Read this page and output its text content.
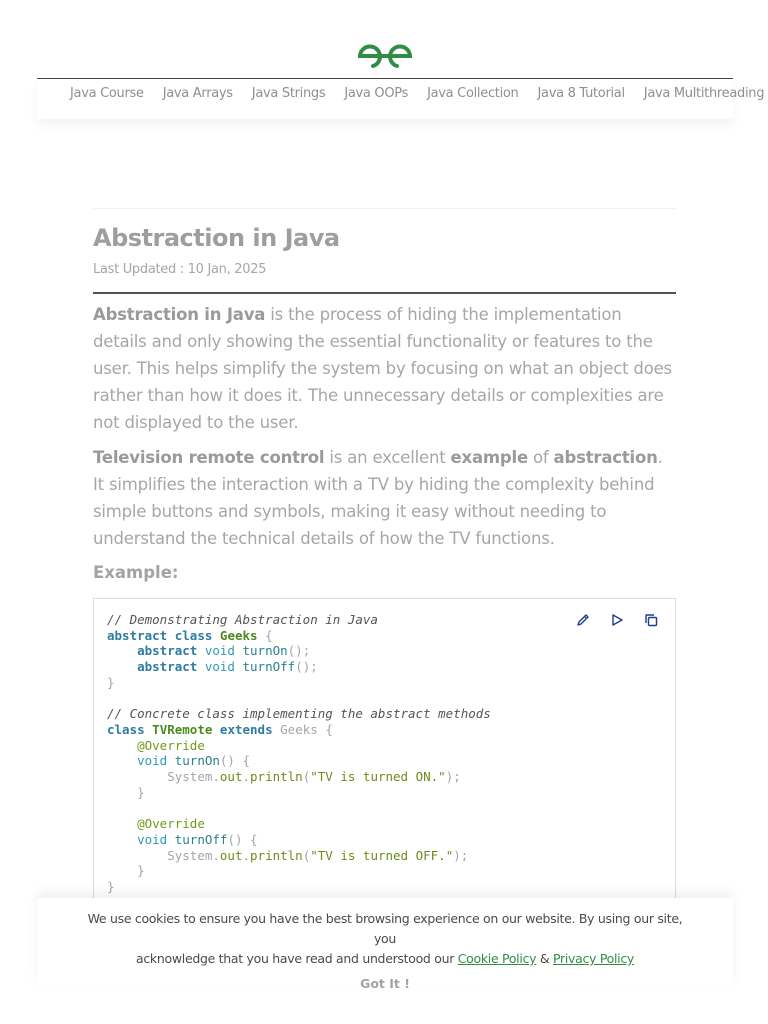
Java Course Java Arrays Java Strings Java OOPs Java Collection Java 8 Tutorial Java Multithreading
Abstraction in Java
Last Updated : 10 Jan, 2025

Abstraction in Java is the process of hiding the implementation details and only showing the essential functionality or features to the user. This helps simplify the system by focusing on what an object does rather than how it does it. The unnecessary details or complexities are not displayed to the user.

Television remote control is an excellent example of abstraction. It simplifies the interaction with a TV by hiding the complexity behind simple buttons and symbols, making it easy without needing to understand the technical details of how the TV functions.

Example:
// Demonstrating Abstraction in Java
abstract class Geeks {
abstract void turnOn();
abstract void turnOff();
}

// Concrete class implementing the abstract methods
class TVRemote extends Geeks {
@Override
void turnOn() {
System.out.println("TV is turned ON.");
}

@Override
void turnOff() {
System.out.println("TV is turned OFF.");
}
}
We use cookies to ensure you have the best browsing experience on our website. By using our site, you
acknowledge that you have read and understood our Cookie Policy & Privacy Policy
Got It !
